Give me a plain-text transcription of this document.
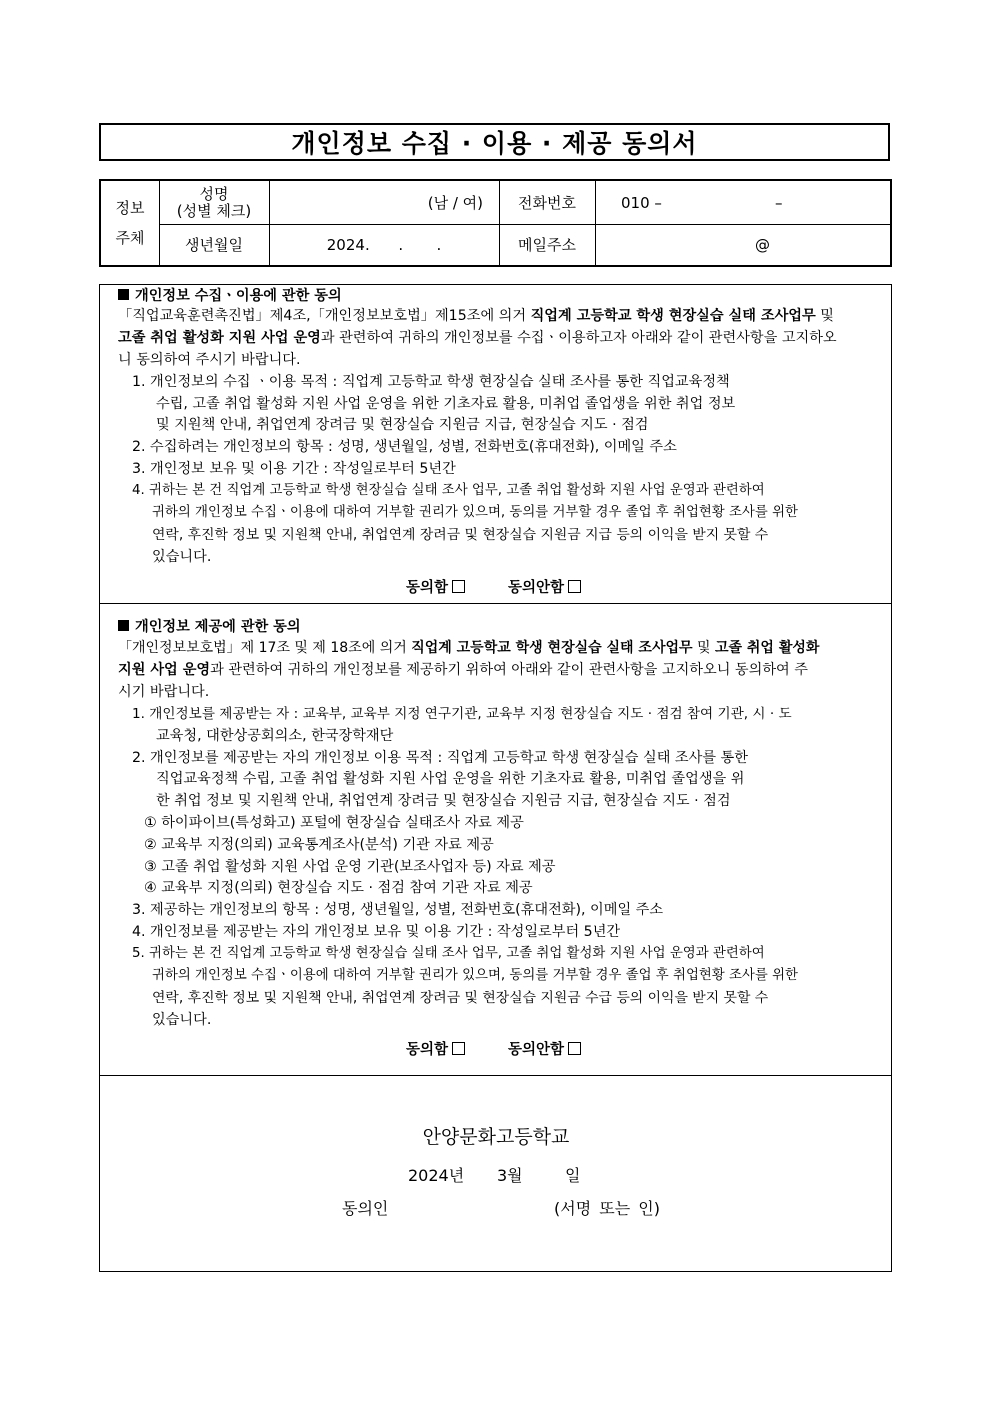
개인정보 수집 · 이용 · 제공 동의서
정보
주체
성명
(성별 체크)	(남 / 여)	전화번호	010 –	–
생년월일	2024.      .       .	메일주소	@
개인정보 수집ㆍ이용에 관한 동의
「직업교육훈련촉진법」제4조,「개인정보보호법」제15조에 의거 직업계 고등학교 학생 현장실습 실태 조사업무 및
고졸 취업 활성화 지원 사업 운영과 관련하여 귀하의 개인정보를 수집ㆍ이용하고자 아래와 같이 관련사항을 고지하오
니 동의하여 주시기 바랍니다.
1. 개인정보의 수집 ㆍ이용 목적 : 직업계 고등학교 학생 현장실습 실태 조사를 통한 직업교육정책
수립, 고졸 취업 활성화 지원 사업 운영을 위한 기초자료 활용, 미취업 졸업생을 위한 취업 정보
및 지원책 안내, 취업연계 장려금 및 현장실습 지원금 지급, 현장실습 지도 · 점검
2. 수집하려는 개인정보의 항목 : 성명, 생년월일, 성별, 전화번호(휴대전화), 이메일 주소
3. 개인정보 보유 및 이용 기간 : 작성일로부터 5년간
4. 귀하는 본 건 직업계 고등학교 학생 현장실습 실태 조사 업무, 고졸 취업 활성화 지원 사업 운영과 관련하여
귀하의 개인정보 수집ㆍ이용에 대하여 거부할 권리가 있으며, 동의를 거부할 경우 졸업 후 취업현황 조사를 위한
연락, 후진학 정보 및 지원책 안내, 취업연계 장려금 및 현장실습 지원금 지급 등의 이익을 받지 못할 수
있습니다.
동의함	동의안함
개인정보 제공에 관한 동의
「개인정보보호법」제 17조 및 제 18조에 의거 직업계 고등학교 학생 현장실습 실태 조사업무 및 고졸 취업 활성화
지원 사업 운영과 관련하여 귀하의 개인정보를 제공하기 위하여 아래와 같이 관련사항을 고지하오니 동의하여 주
시기 바랍니다.
1. 개인정보를 제공받는 자 : 교육부, 교육부 지정 연구기관, 교육부 지정 현장실습 지도 · 점검 참여 기관, 시 · 도
교육청, 대한상공회의소, 한국장학재단
2. 개인정보를 제공받는 자의 개인정보 이용 목적 : 직업계 고등학교 학생 현장실습 실태 조사를 통한
직업교육정책 수립, 고졸 취업 활성화 지원 사업 운영을 위한 기초자료 활용, 미취업 졸업생을 위
한 취업 정보 및 지원책 안내, 취업연계 장려금 및 현장실습 지원금 지급, 현장실습 지도 · 점검
① 하이파이브(특성화고) 포털에 현장실습 실태조사 자료 제공
② 교육부 지정(의뢰) 교육통계조사(분석) 기관 자료 제공
③ 고졸 취업 활성화 지원 사업 운영 기관(보조사업자 등) 자료 제공
④ 교육부 지정(의뢰) 현장실습 지도 · 점검 참여 기관 자료 제공
3. 제공하는 개인정보의 항목 : 성명, 생년월일, 성별, 전화번호(휴대전화), 이메일 주소
4. 개인정보를 제공받는 자의 개인정보 보유 및 이용 기간 : 작성일로부터 5년간
5. 귀하는 본 건 직업계 고등학교 학생 현장실습 실태 조사 업무, 고졸 취업 활성화 지원 사업 운영과 관련하여
귀하의 개인정보 수집ㆍ이용에 대하여 거부할 권리가 있으며, 동의를 거부할 경우 졸업 후 취업현황 조사를 위한
연락, 후진학 정보 및 지원책 안내, 취업연계 장려금 및 현장실습 지원금 수급 등의 이익을 받지 못할 수
있습니다.
동의함	동의안함
안양문화고등학교
2024년 3월	일
동의인	(서명 또는 인)
